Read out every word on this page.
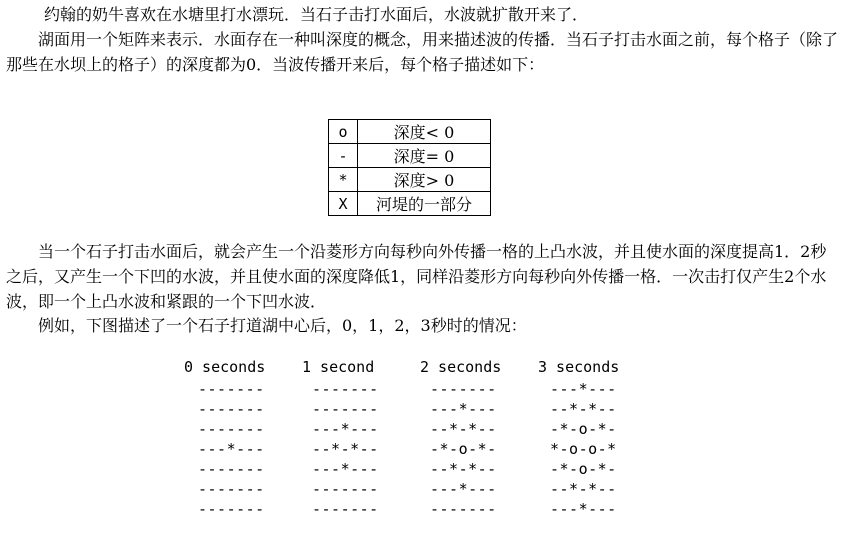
约翰的奶牛喜欢在水塘里打水漂玩．当石子击打水面后，水波就扩散开来了．

湖面用一个矩阵来表示．水面存在一种叫深度的概念，用来描述波的传播．当石子打击水面之前，每个格子（除了那些在水坝上的格子）的深度都为0．当波传播开来后，每个格子描述如下：

o	深度< 0
-	深度= 0
*	深度> 0
X	河堤的一部分

当一个石子打击水面后，就会产生一个沿菱形方向每秒向外传播一格的上凸水波，并且使水面的深度提高1．2秒之后，又产生一个下凹的水波，并且使水面的深度降低1，同样沿菱形方向每秒向外传播一格．一次击打仅产生2个水波，即一个上凸水波和紧跟的一个下凹水波．

例如，下图描述了一个石子打道湖中心后，0，1，2，3秒时的情况：

0 seconds
-------
-------
-------
---*---
-------
-------
-------
1 second
-------
-------
---*---
--*-*--
---*---
-------
-------
2 seconds
-------
---*---
--*-*--
-*-o-*-
--*-*--
---*---
-------
3 seconds
---*---
--*-*--
-*-o-*-
*-o-o-*
-*-o-*-
--*-*--
---*---
